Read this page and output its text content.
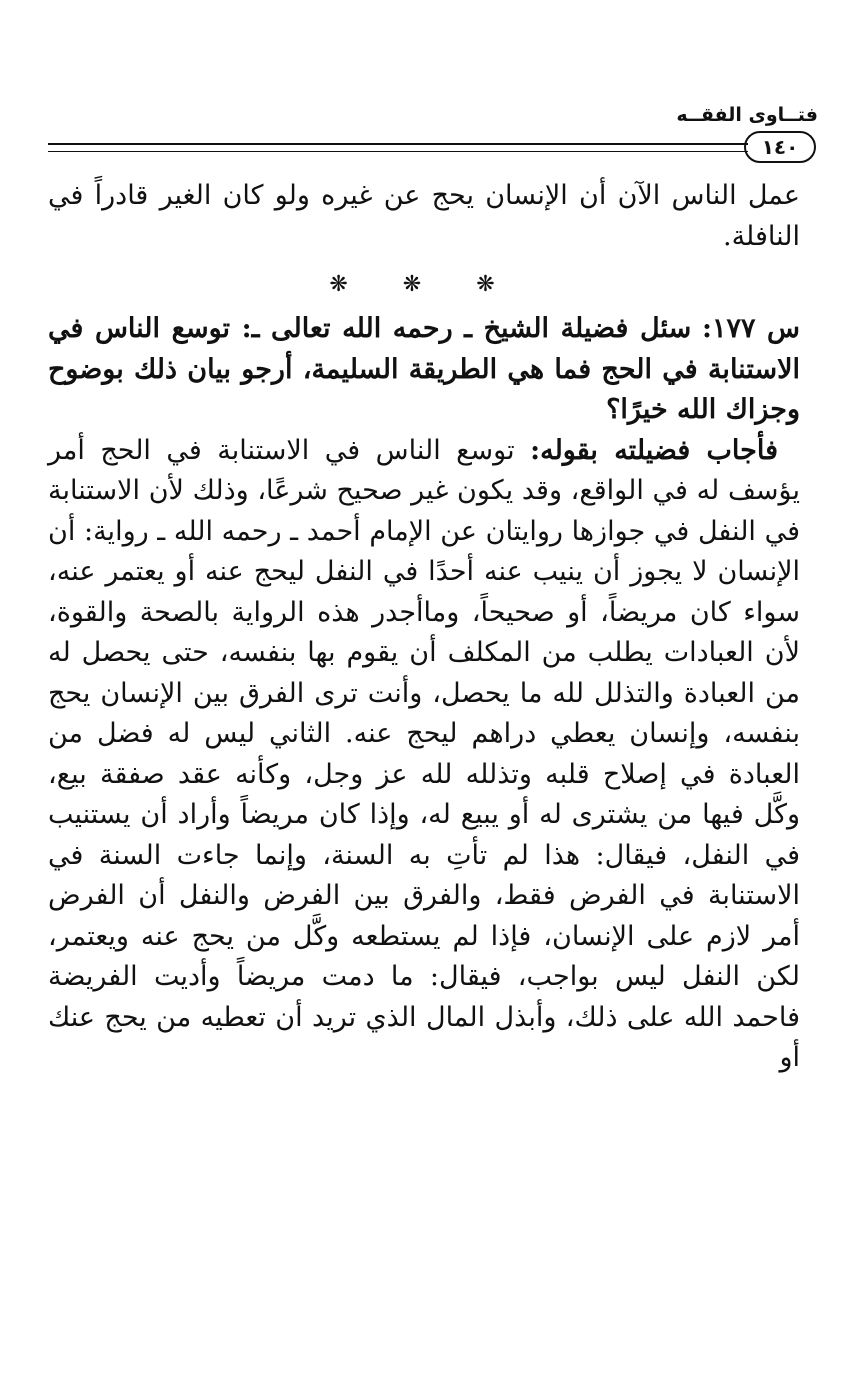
فتــاوى الفقــه
١٤٠

عمل الناس الآن أن الإنسان يحج عن غيره ولو كان الغير قادراً في النافلة.

❋ ❋ ❋

س ١٧٧: سئل فضيلة الشيخ ـ رحمه الله تعالى ـ: توسع الناس في الاستنابة في الحج فما هي الطريقة السليمة، أرجو بيان ذلك بوضوح وجزاك الله خيرًا؟

فأجاب فضيلته بقوله: توسع الناس في الاستنابة في الحج أمر يؤسف له في الواقع، وقد يكون غير صحيح شرعًا، وذلك لأن الاستنابة في النفل في جوازها روايتان عن الإمام أحمد ـ رحمه الله ـ رواية: أن الإنسان لا يجوز أن ينيب عنه أحدًا في النفل ليحج عنه أو يعتمر عنه، سواء كان مريضاً، أو صحيحاً، وماأجدر هذه الرواية بالصحة والقوة، لأن العبادات يطلب من المكلف أن يقوم بها بنفسه، حتى يحصل له من العبادة والتذلل لله ما يحصل، وأنت ترى الفرق بين الإنسان يحج بنفسه، وإنسان يعطي دراهم ليحج عنه. الثاني ليس له فضل من العبادة في إصلاح قلبه وتذلله لله عز وجل، وكأنه عقد صفقة بيع، وكَّل فيها من يشترى له أو يبيع له، وإذا كان مريضاً وأراد أن يستنيب في النفل، فيقال: هذا لم تأتِ به السنة، وإنما جاءت السنة في الاستنابة في الفرض فقط، والفرق بين الفرض والنفل أن الفرض أمر لازم على الإنسان، فإذا لم يستطعه وكَّل من يحج عنه ويعتمر، لكن النفل ليس بواجب، فيقال: ما دمت مريضاً وأديت الفريضة فاحمد الله على ذلك، وأبذل المال الذي تريد أن تعطيه من يحج عنك أو
